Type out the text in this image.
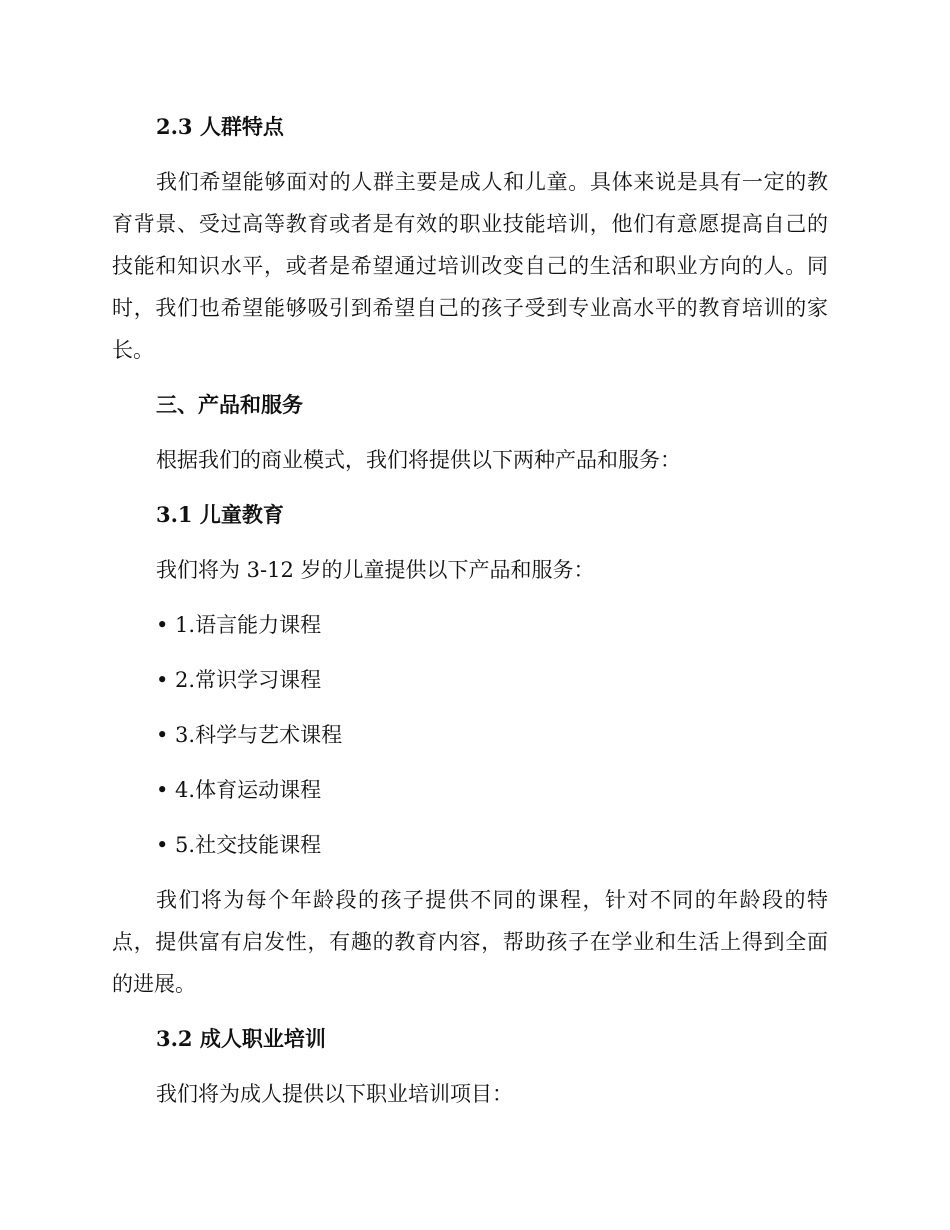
2.3 人群特点
我们希望能够面对的人群主要是成人和儿童。具体来说是具有一定的教
育背景、受过高等教育或者是有效的职业技能培训，他们有意愿提高自己的
技能和知识水平，或者是希望通过培训改变自己的生活和职业方向的人。同
时，我们也希望能够吸引到希望自己的孩子受到专业高水平的教育培训的家
长。
三、产品和服务
根据我们的商业模式，我们将提供以下两种产品和服务：
3.1 儿童教育
我们将为 3-12 岁的儿童提供以下产品和服务：
• 1.语言能力课程
• 2.常识学习课程
• 3.科学与艺术课程
• 4.体育运动课程
• 5.社交技能课程
我们将为每个年龄段的孩子提供不同的课程，针对不同的年龄段的特
点，提供富有启发性，有趣的教育内容，帮助孩子在学业和生活上得到全面
的进展。
3.2 成人职业培训
我们将为成人提供以下职业培训项目：
